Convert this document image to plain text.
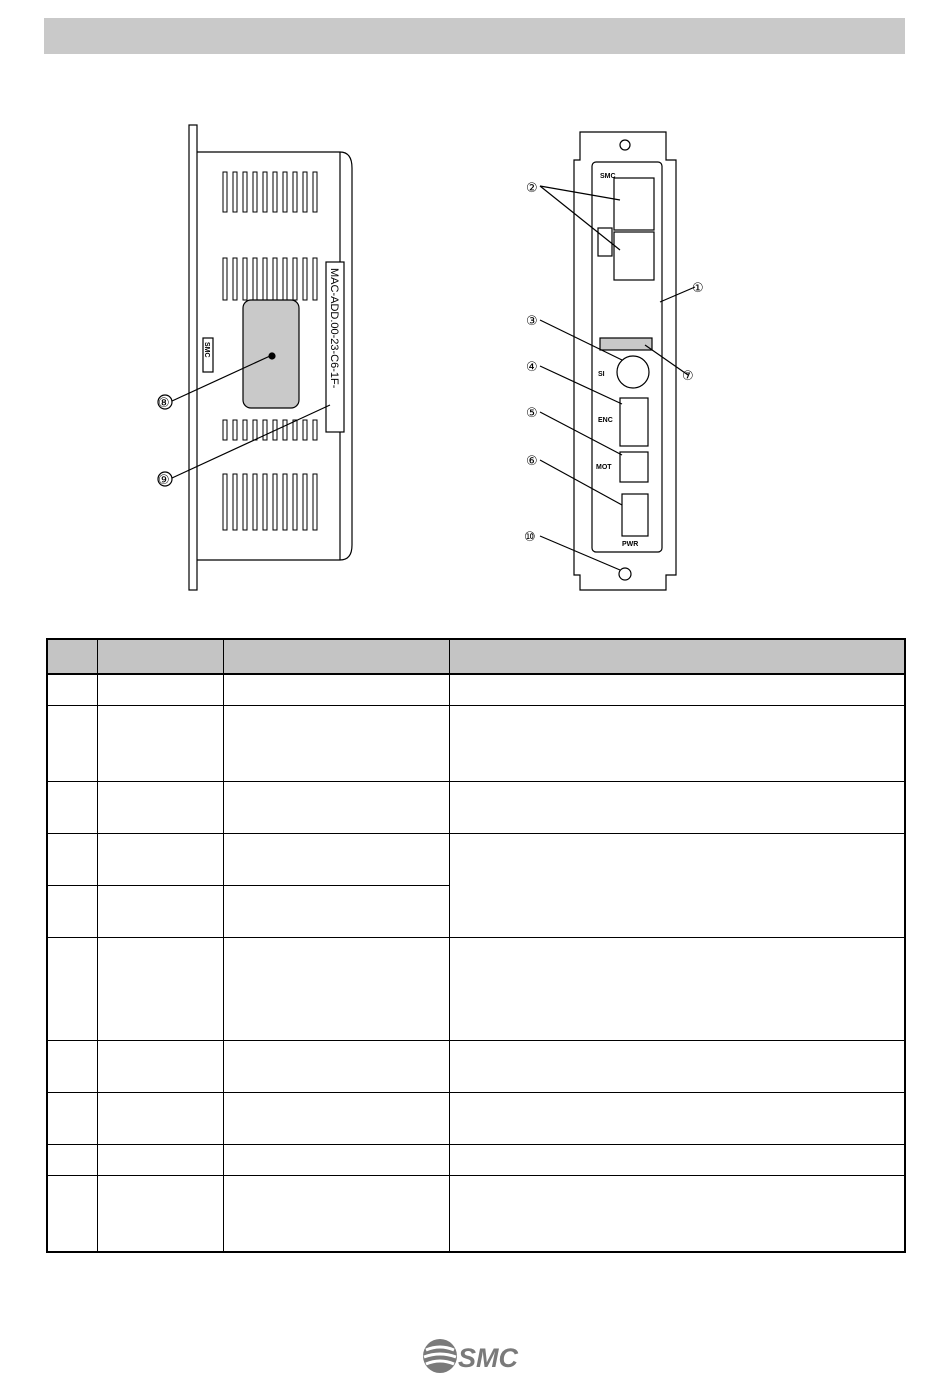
MAC-ADD.00-23-C6-1F-
SMC
⑧
⑨
②
③
④
⑤
⑥
⑩
①
⑦
SMC
SI
ENC
MOT
PWR

SMC
